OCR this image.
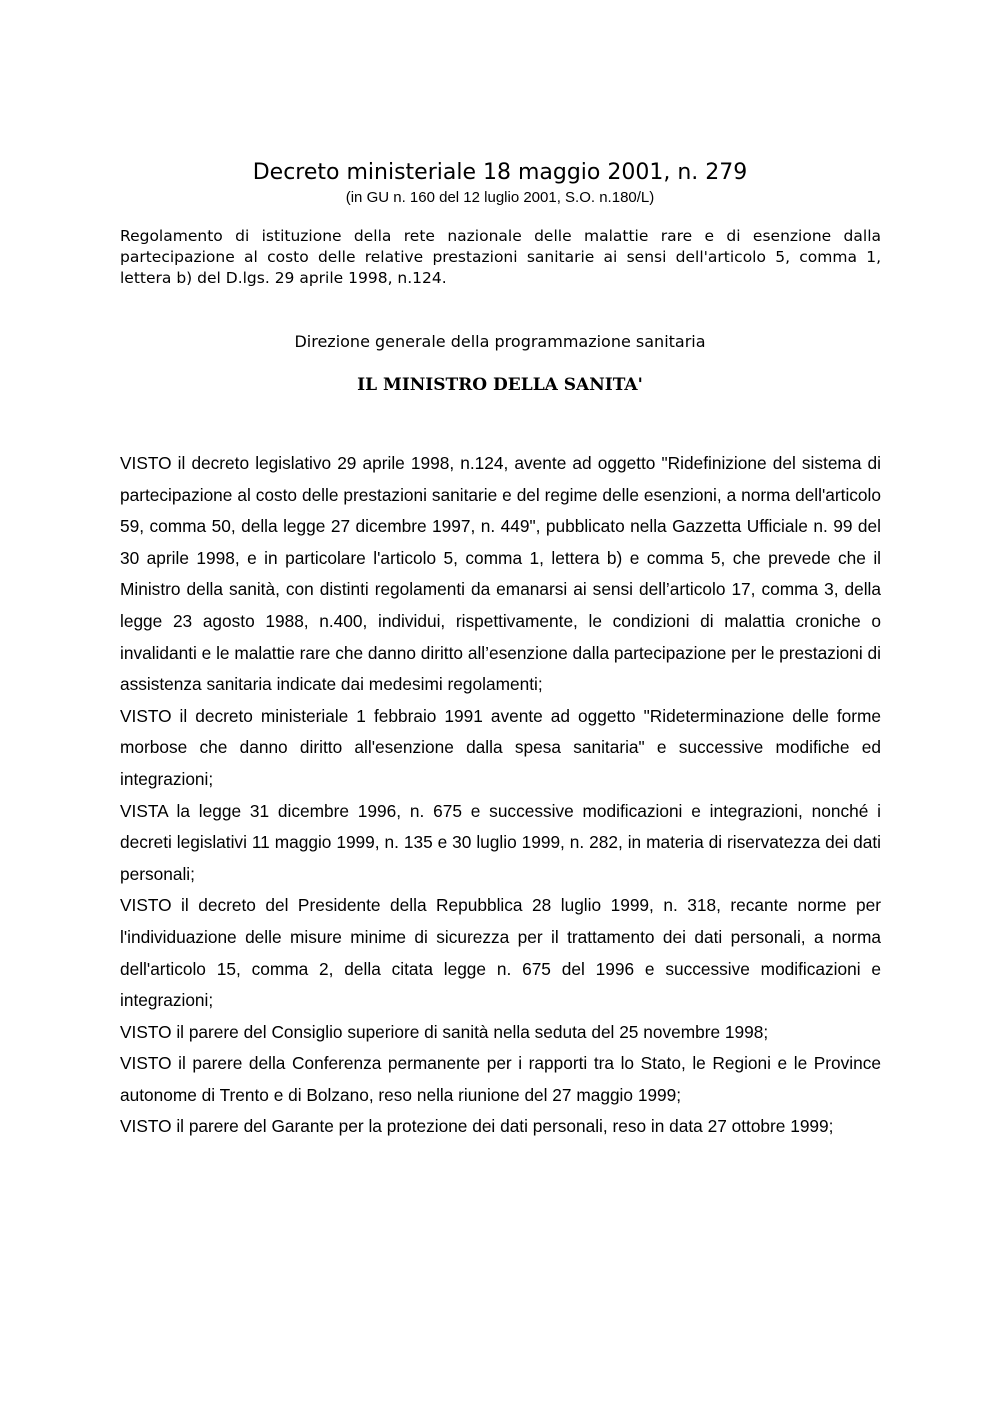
Decreto ministeriale 18 maggio 2001, n. 279
(in GU n. 160 del 12 luglio 2001, S.O. n.180/L)
Regolamento di istituzione della rete nazionale delle malattie rare e di esenzione dalla partecipazione al costo delle relative prestazioni sanitarie ai sensi dell'articolo 5, comma 1, lettera b) del D.lgs. 29 aprile 1998, n.124.
Direzione generale della programmazione sanitaria
IL MINISTRO DELLA SANITA'

VISTO il decreto legislativo 29 aprile 1998, n.124, avente ad oggetto "Ridefinizione del sistema di partecipazione al costo delle prestazioni sanitarie e del regime delle esenzioni, a norma dell'articolo 59, comma 50, della legge 27 dicembre 1997, n. 449", pubblicato nella Gazzetta Ufficiale n. 99 del 30 aprile 1998, e in particolare l'articolo 5, comma 1, lettera b) e comma 5, che prevede che il Ministro della sanità, con distinti regolamenti da emanarsi ai sensi dell’articolo 17, comma 3, della legge 23 agosto 1988, n.400, individui, rispettivamente, le condizioni di malattia croniche o invalidanti e le malattie rare che danno diritto all’esenzione dalla partecipazione per le prestazioni di assistenza sanitaria indicate dai medesimi regolamenti;

VISTO il decreto ministeriale 1 febbraio 1991 avente ad oggetto "Rideterminazione delle forme morbose che danno diritto all'esenzione dalla spesa sanitaria" e successive modifiche ed integrazioni;

VISTA la legge 31 dicembre 1996, n. 675 e successive modificazioni e integrazioni, nonché i decreti legislativi 11 maggio 1999, n. 135 e 30 luglio 1999, n. 282, in materia di riservatezza dei dati personali;

VISTO il decreto del Presidente della Repubblica 28 luglio 1999, n. 318, recante norme per l'individuazione delle misure minime di sicurezza per il trattamento dei dati personali, a norma dell'articolo 15, comma 2, della citata legge n. 675 del 1996 e successive modificazioni e integrazioni;

VISTO il parere del Consiglio superiore di sanità nella seduta del 25 novembre 1998;

VISTO il parere della Conferenza permanente per i rapporti tra lo Stato, le Regioni e le Province autonome di Trento e di Bolzano, reso nella riunione del 27 maggio 1999;

VISTO il parere del Garante per la protezione dei dati personali, reso in data 27 ottobre 1999;
